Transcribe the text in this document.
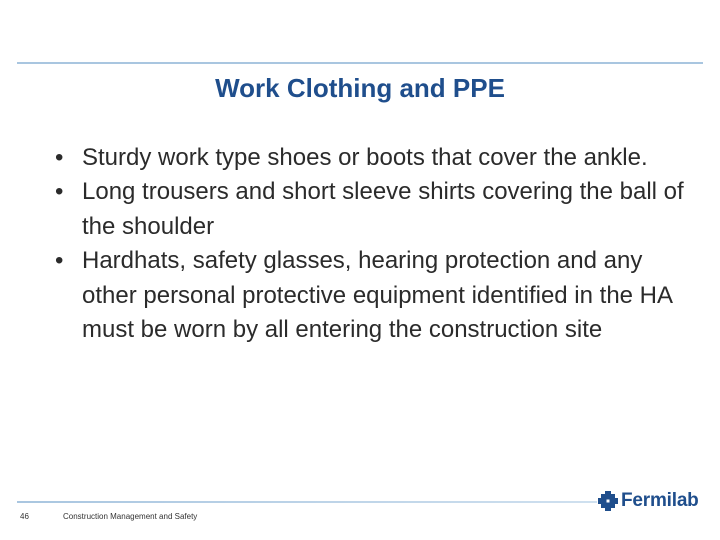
Work Clothing and PPE
• Sturdy work type shoes or boots that cover the ankle.
• Long trousers and short sleeve shirts covering the ball of the shoulder
• Hardhats, safety glasses, hearing protection and any other personal protective equipment identified in the HA must be worn by all entering the construction site
46	Construction Management and Safety
Fermilab
